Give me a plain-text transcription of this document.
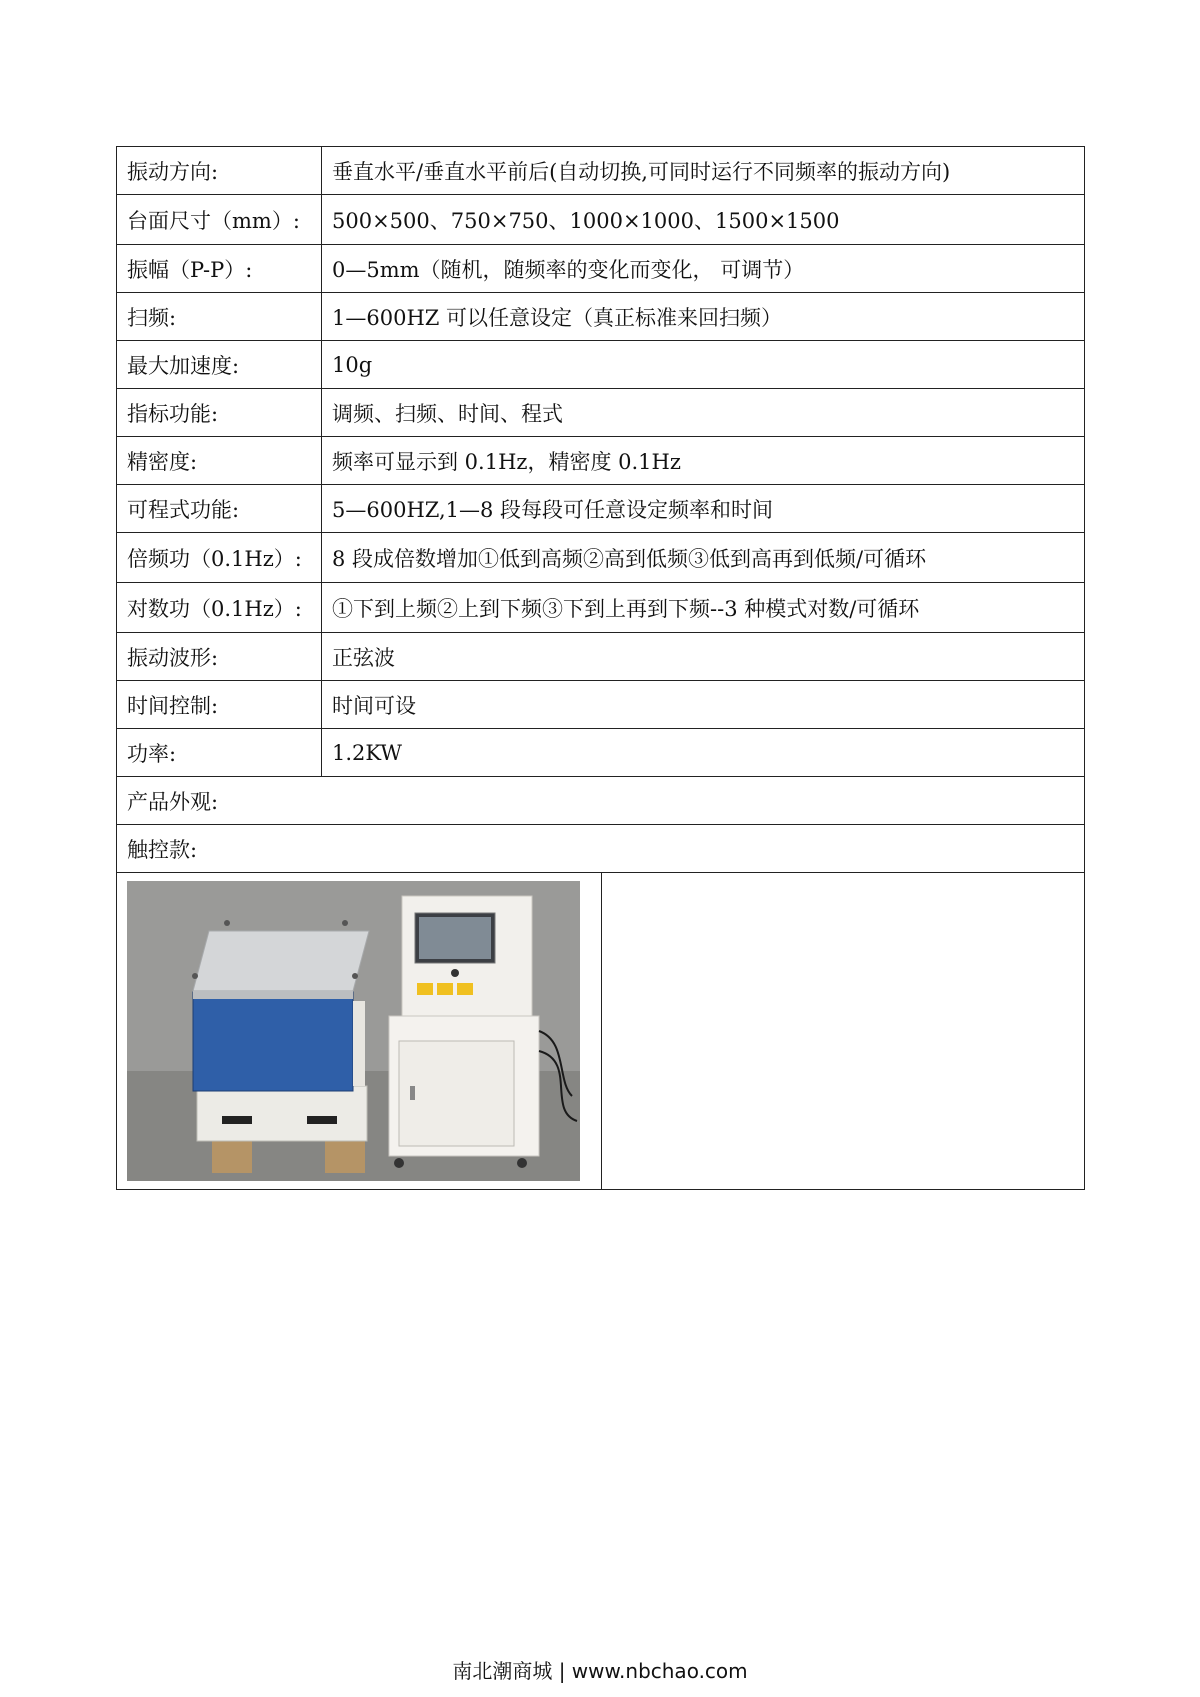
振动方向:	垂直水平/垂直水平前后(自动切换,可同时运行不同频率的振动方向)
台面尺寸（mm）:	500×500、750×750、1000×1000、1500×1500
振幅（P-P）:	0—5mm（随机，随频率的变化而变化， 可调节）
扫频:	1—600HZ 可以任意设定（真正标准来回扫频）
最大加速度:	10g
指标功能:	调频、扫频、时间、程式
精密度:	频率可显示到 0.1Hz，精密度 0.1Hz
可程式功能:	5—600HZ,1—8 段每段可任意设定频率和时间
倍频功（0.1Hz）:	8 段成倍数增加①低到高频②高到低频③低到高再到低频/可循环
对数功（0.1Hz）:	①下到上频②上到下频③下到上再到下频--3 种模式对数/可循环
振动波形:	正弦波
时间控制:	时间可设
功率:	1.2KW
产品外观:
触控款:

南北潮商城 | www.nbchao.com
